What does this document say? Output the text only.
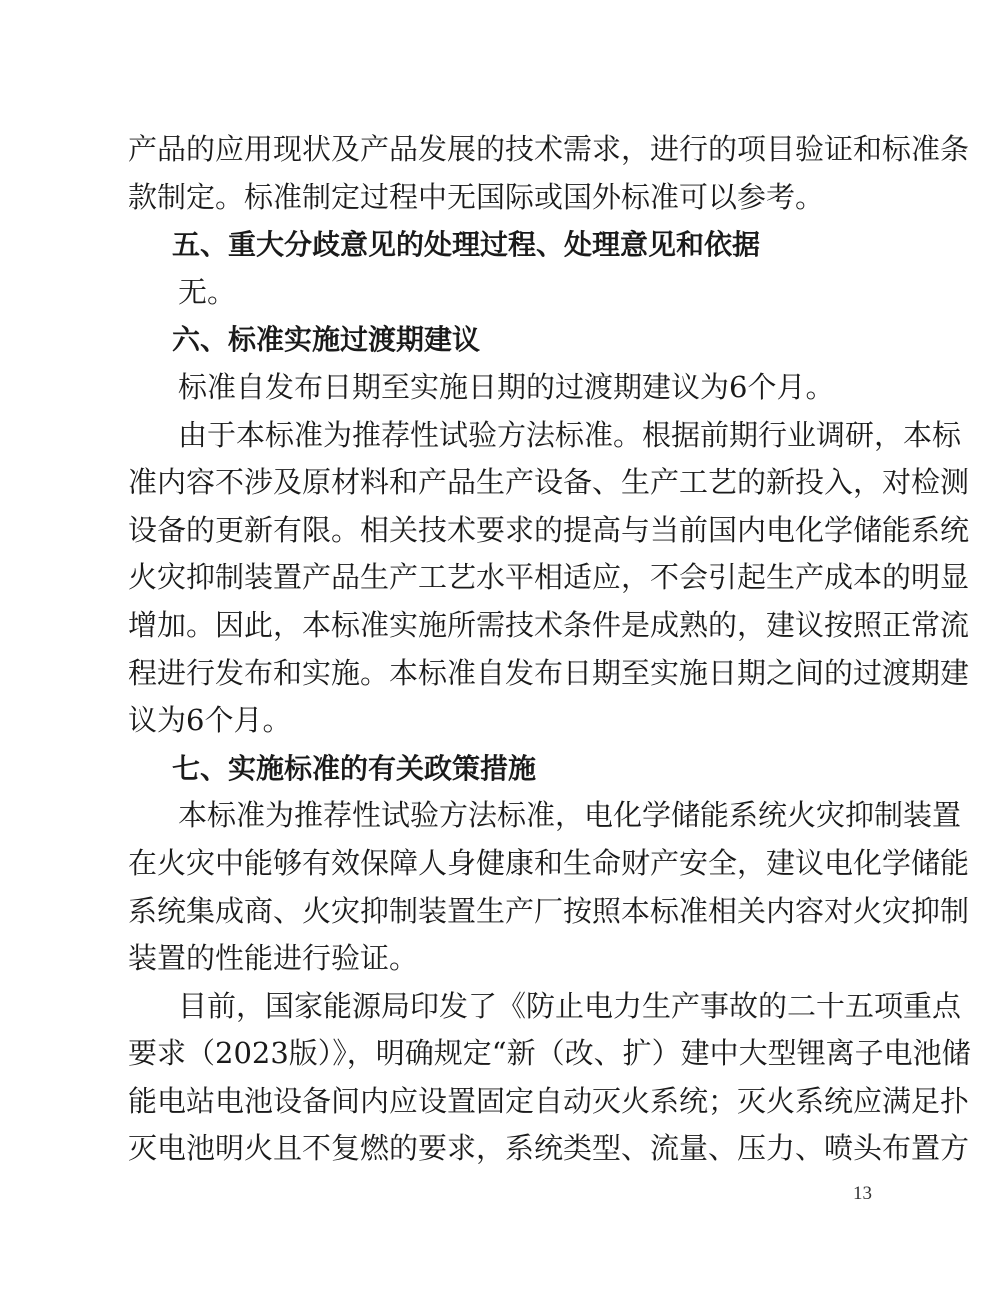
产品的应用现状及产品发展的技术需求，进行的项目验证和标准条
款制定。标准制定过程中无国际或国外标准可以参考。
五、重大分歧意见的处理过程、处理意见和依据
无。
六、标准实施过渡期建议
标准自发布日期至实施日期的过渡期建议为6个月。
由于本标准为推荐性试验方法标准。根据前期行业调研，本标
准内容不涉及原材料和产品生产设备、生产工艺的新投入，对检测
设备的更新有限。相关技术要求的提高与当前国内电化学储能系统
火灾抑制装置产品生产工艺水平相适应，不会引起生产成本的明显
增加。因此，本标准实施所需技术条件是成熟的，建议按照正常流
程进行发布和实施。本标准自发布日期至实施日期之间的过渡期建
议为6个月。
七、实施标准的有关政策措施
本标准为推荐性试验方法标准，电化学储能系统火灾抑制装置
在火灾中能够有效保障人身健康和生命财产安全，建议电化学储能
系统集成商、火灾抑制装置生产厂按照本标准相关内容对火灾抑制
装置的性能进行验证。
目前，国家能源局印发了《防止电力生产事故的二十五项重点
要求（2023版）》，明确规定“新（改、扩）建中大型锂离子电池储
能电站电池设备间内应设置固定自动灭火系统；灭火系统应满足扑
灭电池明火且不复燃的要求，系统类型、流量、压力、喷头布置方
13
